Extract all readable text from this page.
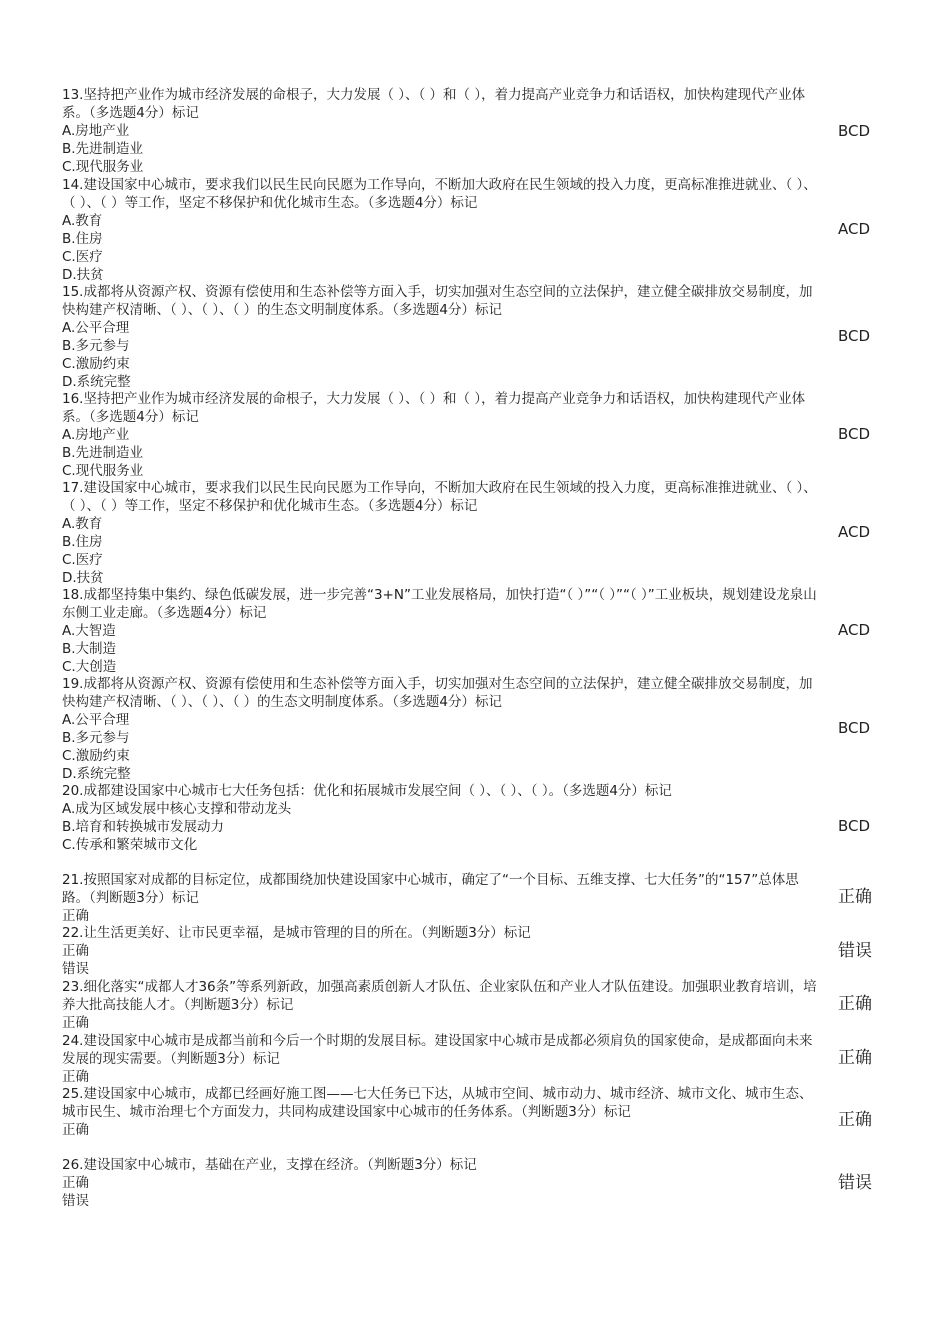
13.坚持把产业作为城市经济发展的命根子，大力发展（ ）、（ ）和（ ），着力提高产业竞争力和话语权，加快构建现代产业体系。（多选题4分）标记

A.房地产业

B.先进制造业

C.现代服务业

BCD

14.建设国家中心城市，要求我们以民生民向民愿为工作导向，不断加大政府在民生领域的投入力度，更高标准推进就业、（ ）、（ ）、（ ）等工作，坚定不移保护和优化城市生态。（多选题4分）标记

A.教育

B.住房

C.医疗

D.扶贫

ACD

15.成都将从资源产权、资源有偿使用和生态补偿等方面入手，切实加强对生态空间的立法保护，建立健全碳排放交易制度，加快构建产权清晰、（ ）、（ ）、（ ）的生态文明制度体系。（多选题4分）标记

A.公平合理

B.多元参与

C.激励约束

D.系统完整

BCD

16.坚持把产业作为城市经济发展的命根子，大力发展（ ）、（ ）和（ ），着力提高产业竞争力和话语权，加快构建现代产业体系。（多选题4分）标记

A.房地产业

B.先进制造业

C.现代服务业

BCD

17.建设国家中心城市，要求我们以民生民向民愿为工作导向，不断加大政府在民生领域的投入力度，更高标准推进就业、（ ）、（ ）、（ ）等工作，坚定不移保护和优化城市生态。（多选题4分）标记

A.教育

B.住房

C.医疗

D.扶贫

ACD

18.成都坚持集中集约、绿色低碳发展，进一步完善“3+N”工业发展格局，加快打造“（ ）”“（ ）”“（ ）”工业板块，规划建设龙泉山东侧工业走廊。（多选题4分）标记

A.大智造

B.大制造

C.大创造

ACD

19.成都将从资源产权、资源有偿使用和生态补偿等方面入手，切实加强对生态空间的立法保护，建立健全碳排放交易制度，加快构建产权清晰、（ ）、（ ）、（ ）的生态文明制度体系。（多选题4分）标记

A.公平合理

B.多元参与

C.激励约束

D.系统完整

BCD

20.成都建设国家中心城市七大任务包括：优化和拓展城市发展空间（ ）、（ ）、（ ）。（多选题4分）标记

A.成为区域发展中核心支撑和带动龙头

B.培育和转换城市发展动力

C.传承和繁荣城市文化

BCD

21.按照国家对成都的目标定位，成都围绕加快建设国家中心城市，确定了“一个目标、五维支撑、七大任务”的“157”总体思路。（判断题3分）标记

正确

正确

22.让生活更美好、让市民更幸福，是城市管理的目的所在。（判断题3分）标记

正确

错误

错误

23.细化落实“成都人才36条”等系列新政，加强高素质创新人才队伍、企业家队伍和产业人才队伍建设。加强职业教育培训，培养大批高技能人才。（判断题3分）标记

正确

正确

24.建设国家中心城市是成都当前和今后一个时期的发展目标。建设国家中心城市是成都必须肩负的国家使命，是成都面向未来发展的现实需要。（判断题3分）标记

正确

正确

25.建设国家中心城市，成都已经画好施工图——七大任务已下达，从城市空间、城市动力、城市经济、城市文化、城市生态、城市民生、城市治理七个方面发力，共同构成建设国家中心城市的任务体系。（判断题3分）标记

正确	正确

26.建设国家中心城市，基础在产业，支撑在经济。（判断题3分）标记

正确

错误

错误
